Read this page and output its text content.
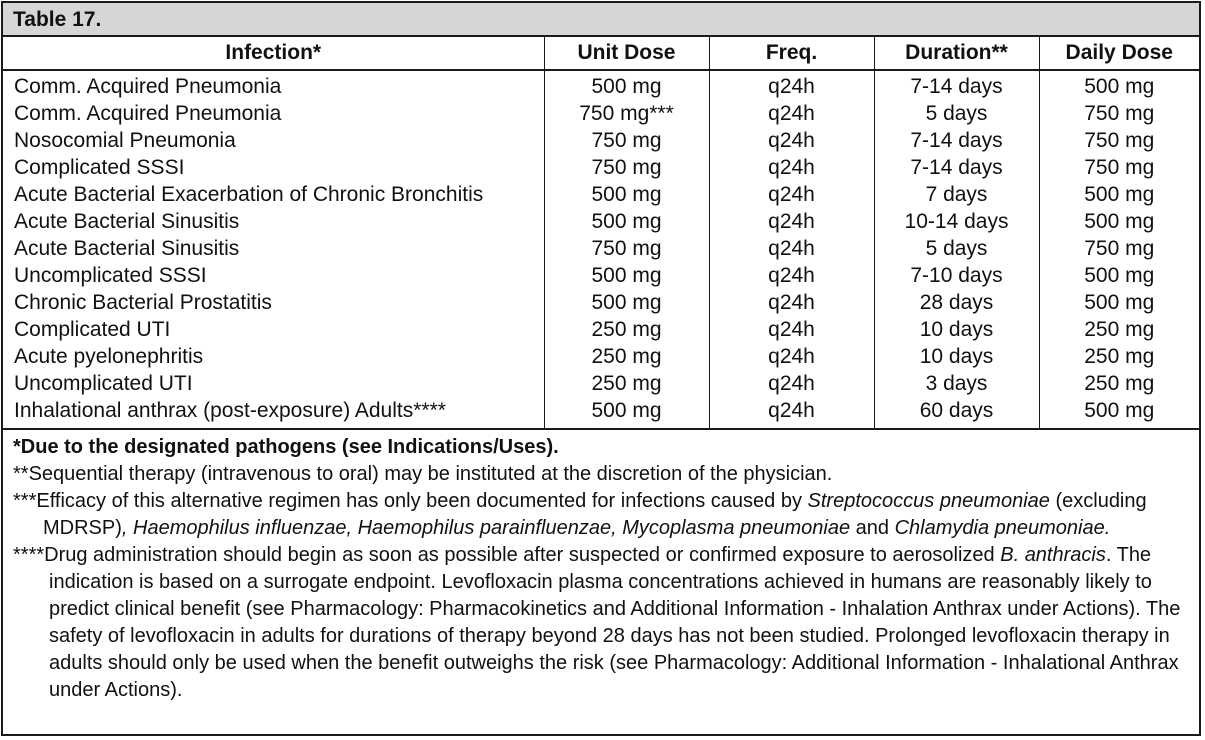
Table 17.
Infection*	Unit Dose	Freq.	Duration**	Daily Dose
Comm. Acquired Pneumonia	500 mg	q24h	7-14 days	500 mg
Comm. Acquired Pneumonia	750 mg***	q24h	5 days	750 mg
Nosocomial Pneumonia	750 mg	q24h	7-14 days	750 mg
Complicated SSSI	750 mg	q24h	7-14 days	750 mg
Acute Bacterial Exacerbation of Chronic Bronchitis	500 mg	q24h	7 days	500 mg
Acute Bacterial Sinusitis	500 mg	q24h	10-14 days	500 mg
Acute Bacterial Sinusitis	750 mg	q24h	5 days	750 mg
Uncomplicated SSSI	500 mg	q24h	7-10 days	500 mg
Chronic Bacterial Prostatitis	500 mg	q24h	28 days	500 mg
Complicated UTI	250 mg	q24h	10 days	250 mg
Acute pyelonephritis	250 mg	q24h	10 days	250 mg
Uncomplicated UTI	250 mg	q24h	3 days	250 mg
Inhalational anthrax (post-exposure) Adults****	500 mg	q24h	60 days	500 mg
*Due to the designated pathogens (see Indications/Uses).
**Sequential therapy (intravenous to oral) may be instituted at the discretion of the physician.
***Efficacy of this alternative regimen has only been documented for infections caused by Streptococcus pneumoniae (excluding MDRSP), Haemophilus influenzae, Haemophilus parainfluenzae, Mycoplasma pneumoniae and Chlamydia pneumoniae.
****Drug administration should begin as soon as possible after suspected or confirmed exposure to aerosolized B. anthracis. The indication is based on a surrogate endpoint. Levofloxacin plasma concentrations achieved in humans are reasonably likely to predict clinical benefit (see Pharmacology: Pharmacokinetics and Additional Information - Inhalation Anthrax under Actions). The safety of levofloxacin in adults for durations of therapy beyond 28 days has not been studied. Prolonged levofloxacin therapy in adults should only be used when the benefit outweighs the risk (see Pharmacology: Additional Information - Inhalational Anthrax under Actions).
